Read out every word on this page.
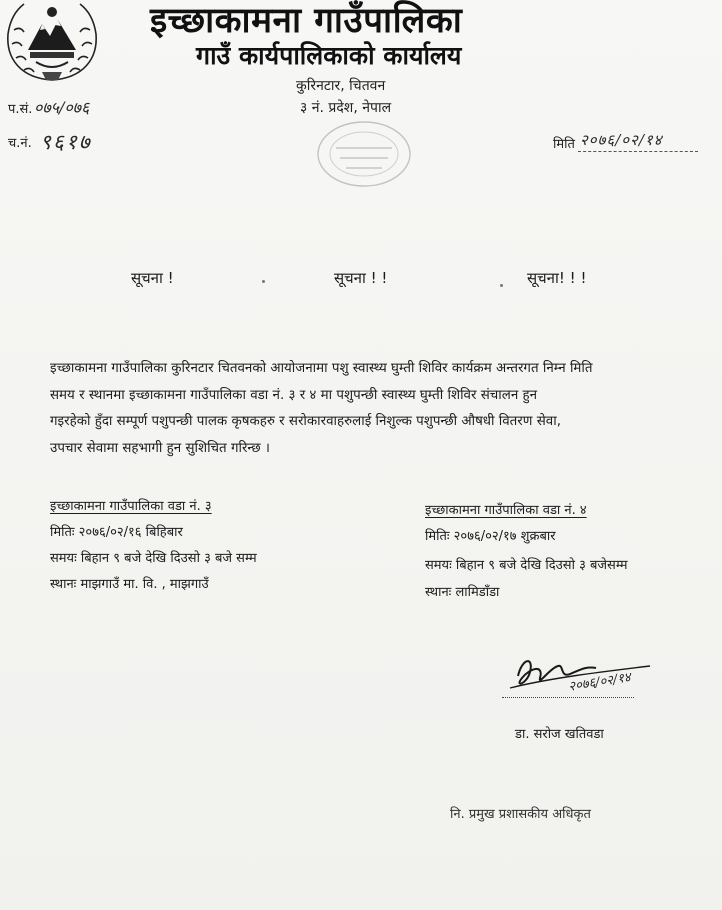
इच्छाकामना गाउँपालिका
गाउँ कार्यपालिकाको कार्यालय
कुरिनटार, चितवन
३ नं. प्रदेश, नेपाल
प.सं. ०७५/०७६
च.नं. ९६१७	मिति २०७६/०२/१४
सूचना !	सूचना ! !	सूचना! ! !
इच्छाकामना गाउँपालिका कुरिनटार चितवनको आयोजनामा पशु स्वास्थ्य घुम्ती शिविर कार्यक्रम अन्तरगत निम्न मिति
समय र स्थानमा इच्छाकामना गाउँपालिका वडा नं. ३ र ४ मा पशुपन्छी स्वास्थ्य घुम्ती शिविर संचालन हुन
गइरहेको हुँदा सम्पूर्ण पशुपन्छी पालक कृषकहरु र सरोकारवाहरुलाई निशुल्क पशुपन्छी औषधी वितरण सेवा,
उपचार सेवामा सहभागी हुन सुशिचित गरिन्छ ।
इच्छाकामना गाउँपालिका वडा नं. ३
मितिः २०७६/०२/१६ बिहिबार
समयः बिहान ९ बजे देखि दिउसो ३ बजे सम्म
स्थानः माझगाउँ मा. वि. , माझगाउँ
इच्छाकामना गाउँपालिका वडा नं. ४
मितिः २०७६/०२/१७ शुक्रबार
समयः बिहान ९ बजे देखि दिउसो ३ बजेसम्म
स्थानः लामिडाँडा
२०७६/०२/१४
डा. सरोज खतिवडा
नि. प्रमुख प्रशासकीय अधिकृत
